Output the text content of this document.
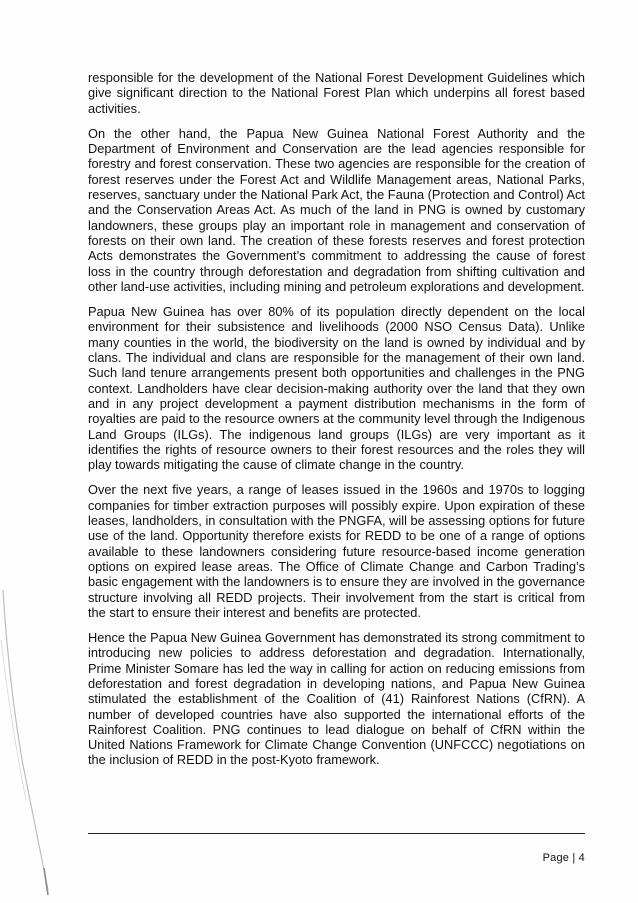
responsible for the development of the National Forest Development Guidelines which give significant direction to the National Forest Plan which underpins all forest based activities.

On the other hand, the Papua New Guinea National Forest Authority and the Department of Environment and Conservation are the lead agencies responsible for forestry and forest conservation. These two agencies are responsible for the creation of forest reserves under the Forest Act and Wildlife Management areas, National Parks, reserves, sanctuary under the National Park Act, the Fauna (Protection and Control) Act and the Conservation Areas Act. As much of the land in PNG is owned by customary landowners, these groups play an important role in management and conservation of forests on their own land. The creation of these forests reserves and forest protection Acts demonstrates the Government’s commitment to addressing the cause of forest loss in the country through deforestation and degradation from shifting cultivation and other land-use activities, including mining and petroleum explorations and development.

Papua New Guinea has over 80% of its population directly dependent on the local environment for their subsistence and livelihoods (2000 NSO Census Data). Unlike many counties in the world, the biodiversity on the land is owned by individual and by clans. The individual and clans are responsible for the management of their own land. Such land tenure arrangements present both opportunities and challenges in the PNG context. Landholders have clear decision-making authority over the land that they own and in any project development a payment distribution mechanisms in the form of royalties are paid to the resource owners at the community level through the Indigenous Land Groups (ILGs). The indigenous land groups (ILGs) are very important as it identifies the rights of resource owners to their forest resources and the roles they will play towards mitigating the cause of climate change in the country.

Over the next five years, a range of leases issued in the 1960s and 1970s to logging companies for timber extraction purposes will possibly expire. Upon expiration of these leases, landholders, in consultation with the PNGFA, will be assessing options for future use of the land. Opportunity therefore exists for REDD to be one of a range of options available to these landowners considering future resource-based income generation options on expired lease areas. The Office of Climate Change and Carbon Trading’s basic engagement with the landowners is to ensure they are involved in the governance structure involving all REDD projects. Their involvement from the start is critical from the start to ensure their interest and benefits are protected.

Hence the Papua New Guinea Government has demonstrated its strong commitment to introducing new policies to address deforestation and degradation. Internationally, Prime Minister Somare has led the way in calling for action on reducing emissions from deforestation and forest degradation in developing nations, and Papua New Guinea stimulated the establishment of the Coalition of (41) Rainforest Nations (CfRN). A number of developed countries have also supported the international efforts of the Rainforest Coalition. PNG continues to lead dialogue on behalf of CfRN within the United Nations Framework for Climate Change Convention (UNFCCC) negotiations on the inclusion of REDD in the post-Kyoto framework.

Page | 4
